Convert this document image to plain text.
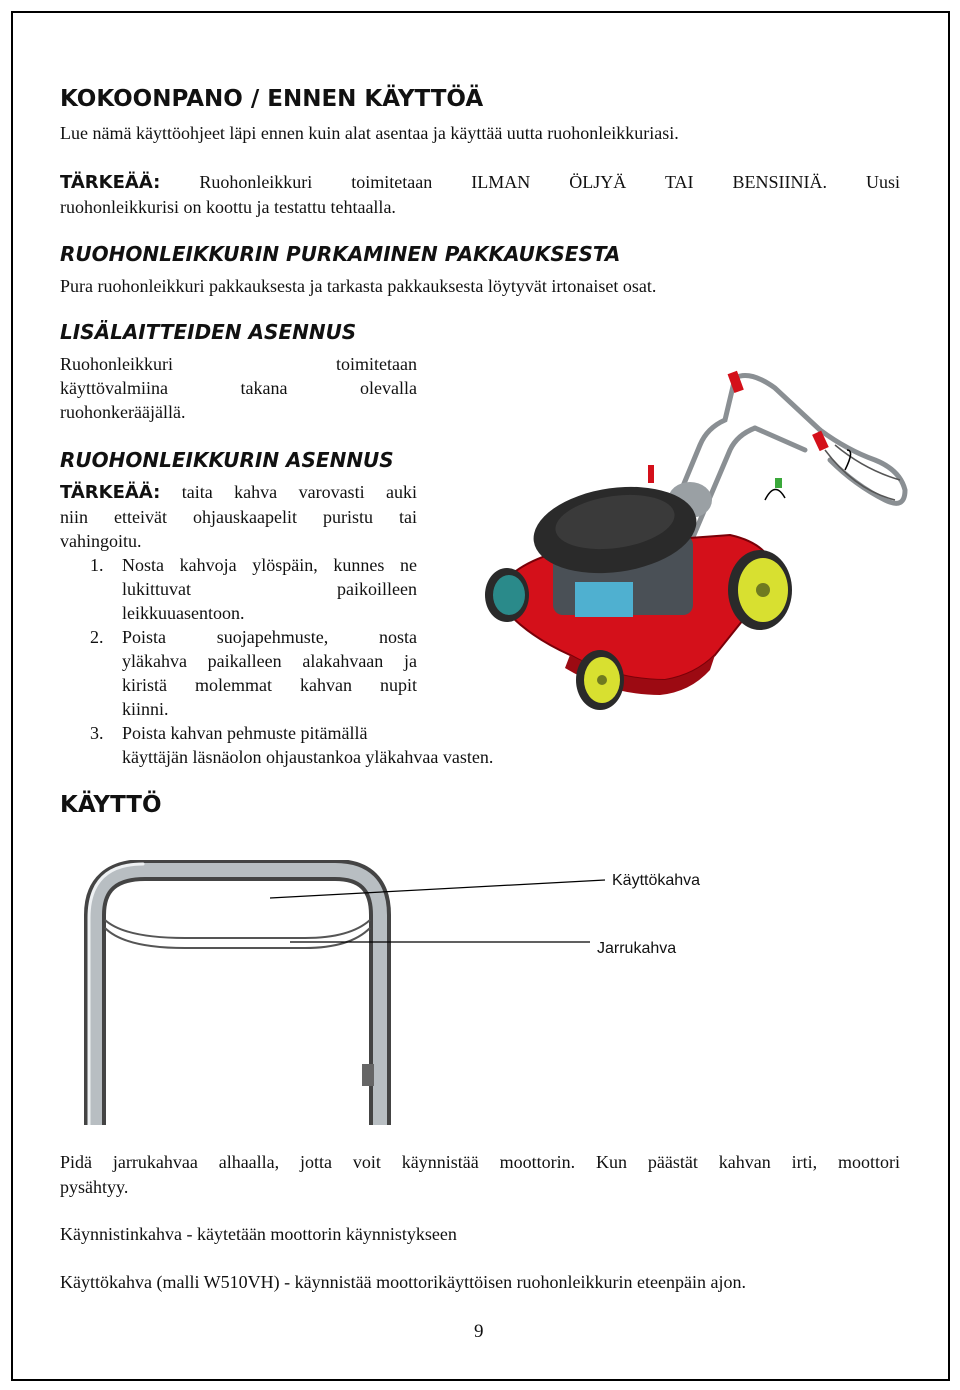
KOKOONPANO / ENNEN KÄYTTÖÄ
Lue nämä käyttöohjeet läpi ennen kuin alat asentaa ja käyttää uutta ruohonleikkuriasi.
TÄRKEÄÄ: Ruohonleikkuri toimitetaan ILMAN ÖLJYÄ TAI BENSIINIÄ. Uusi
ruohonleikkurisi on koottu ja testattu tehtaalla.
RUOHONLEIKKURIN PURKAMINEN PAKKAUKSESTA
Pura ruohonleikkuri pakkauksesta ja tarkasta pakkauksesta löytyvät irtonaiset osat.
LISÄLAITTEIDEN ASENNUS
Ruohonleikkuri toimitetaan
käyttövalmiina takana olevalla
ruohonkerääjällä.
RUOHONLEIKKURIN ASENNUS
TÄRKEÄÄ: taita kahva varovasti auki
niin etteivät ohjauskaapelit puristu tai
vahingoitu.
1.	Nosta kahvoja ylöspäin, kunnes ne
lukittuvat paikoilleen
leikkuuasentoon.
2.	Poista suojapehmuste, nosta
yläkahva paikalleen alakahvaan ja
kiristä molemmat kahvan nupit
kiinni.
3.	Poista kahvan pehmuste pitämällä
käyttäjän läsnäolon ohjaustankoa yläkahvaa vasten.
KÄYTTÖ
Käyttökahva
Jarrukahva
Pidä jarrukahvaa alhaalla, jotta voit käynnistää moottorin. Kun päästät kahvan irti, moottori
pysähtyy.
Käynnistinkahva - käytetään moottorin käynnistykseen
Käyttökahva (malli W510VH) - käynnistää moottorikäyttöisen ruohonleikkurin eteenpäin ajon.
9
